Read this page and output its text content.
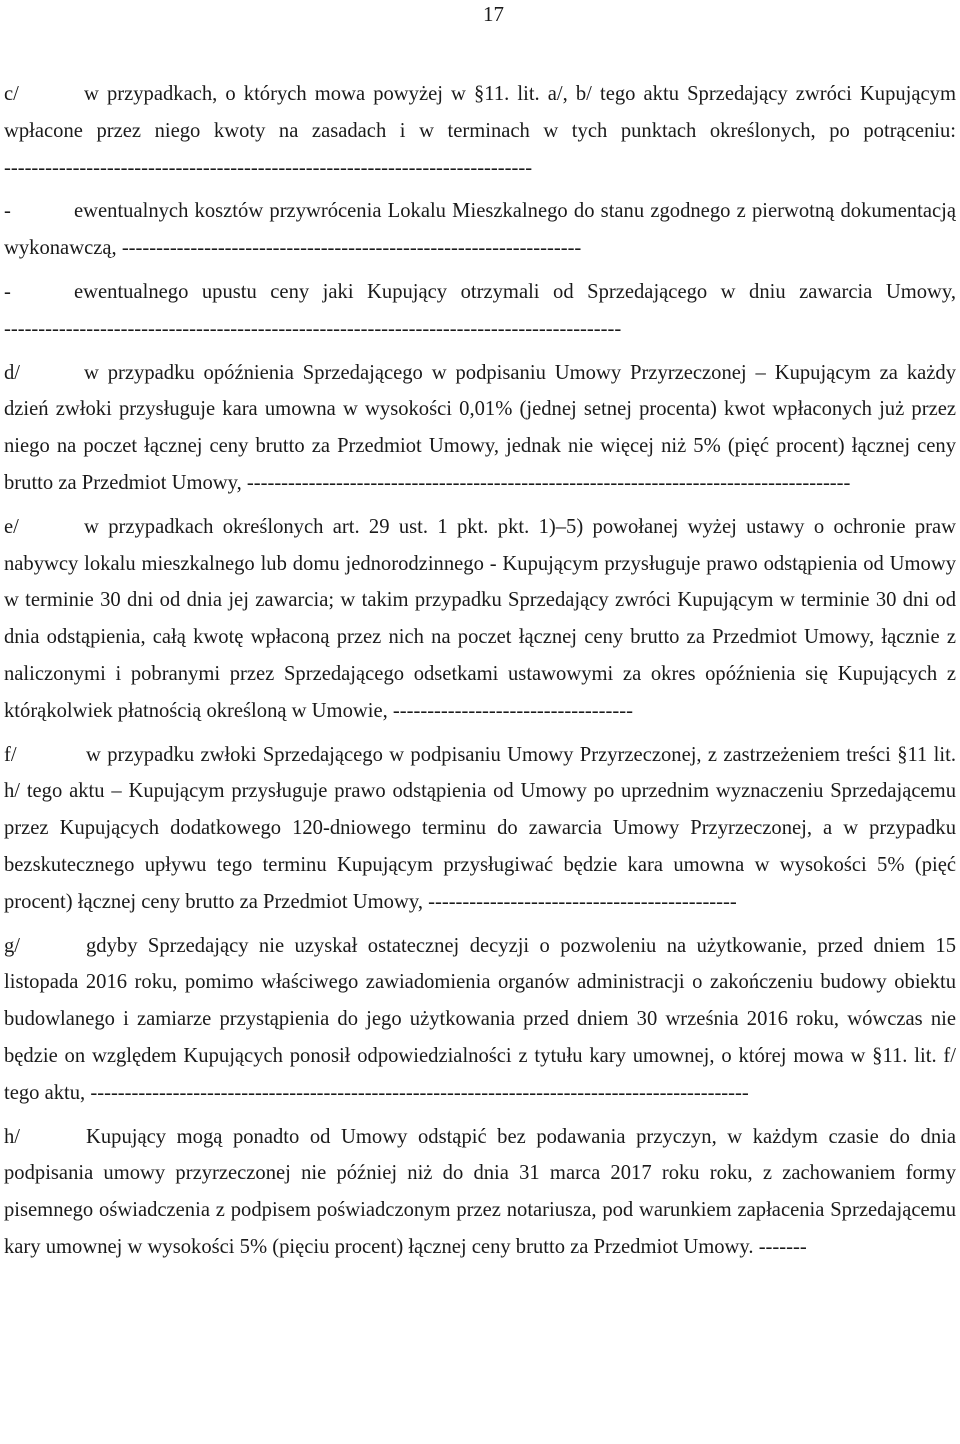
17

c/	w przypadkach, o których mowa powyżej w §11. lit. a/, b/ tego aktu Sprzedający zwróci Kupującym wpłacone przez niego kwoty na zasadach i w terminach w tych punktach określonych, po potrąceniu: -----------------------------------------------------------------------------

-	ewentualnych kosztów przywrócenia Lokalu Mieszkalnego do stanu zgodnego z pierwotną dokumentacją wykonawczą, -------------------------------------------------------------------

-	ewentualnego upustu ceny jaki Kupujący otrzymali od Sprzedającego w dniu zawarcia Umowy, ------------------------------------------------------------------------------------------

d/	w przypadku opóźnienia Sprzedającego w podpisaniu Umowy Przyrzeczonej – Kupującym za każdy dzień zwłoki przysługuje kara umowna w wysokości 0,01% (jednej setnej procenta) kwot wpłaconych już przez niego na poczet łącznej ceny brutto za Przedmiot Umowy, jednak nie więcej niż 5% (pięć procent) łącznej ceny brutto za Przedmiot Umowy, ----------------------------------------------------------------------------------------

e/	w przypadkach określonych art. 29 ust. 1 pkt. pkt. 1)–5) powołanej wyżej ustawy o ochronie praw nabywcy lokalu mieszkalnego lub domu jednorodzinnego - Kupującym przysługuje prawo odstąpienia od Umowy w terminie 30 dni od dnia jej zawarcia; w takim przypadku Sprzedający zwróci Kupującym w terminie 30 dni od dnia odstąpienia, całą kwotę wpłaconą przez nich na poczet łącznej ceny brutto za Przedmiot Umowy, łącznie z naliczonymi i pobranymi przez Sprzedającego odsetkami ustawowymi za okres opóźnienia się Kupujących z którąkolwiek płatnością określoną w Umowie, -----------------------------------

f/	w przypadku zwłoki Sprzedającego w podpisaniu Umowy Przyrzeczonej, z zastrzeżeniem treści §11 lit. h/ tego aktu – Kupującym przysługuje prawo odstąpienia od Umowy po uprzednim wyznaczeniu Sprzedającemu przez Kupujących dodatkowego 120-dniowego terminu do zawarcia Umowy Przyrzeczonej, a w przypadku bezskutecznego upływu tego terminu Kupującym przysługiwać będzie kara umowna w wysokości 5% (pięć procent) łącznej ceny brutto za Przedmiot Umowy, ---------------------------------------------

g/	gdyby Sprzedający nie uzyskał ostatecznej decyzji o pozwoleniu na użytkowanie, przed dniem 15 listopada 2016 roku, pomimo właściwego zawiadomienia organów administracji o zakończeniu budowy obiektu budowlanego i zamiarze przystąpienia do jego użytkowania przed dniem 30 września 2016 roku, wówczas nie będzie on względem Kupujących ponosił odpowiedzialności z tytułu kary umownej, o której mowa w §11. lit. f/ tego aktu, ------------------------------------------------------------------------------------------------

h/	Kupujący mogą ponadto od Umowy odstąpić bez podawania przyczyn, w każdym czasie do dnia podpisania umowy przyrzeczonej nie później niż do dnia 31 marca 2017 roku roku, z zachowaniem formy pisemnego oświadczenia z podpisem poświadczonym przez notariusza, pod warunkiem zapłacenia Sprzedającemu kary umownej w wysokości 5% (pięciu procent) łącznej ceny brutto za Przedmiot Umowy. -------
